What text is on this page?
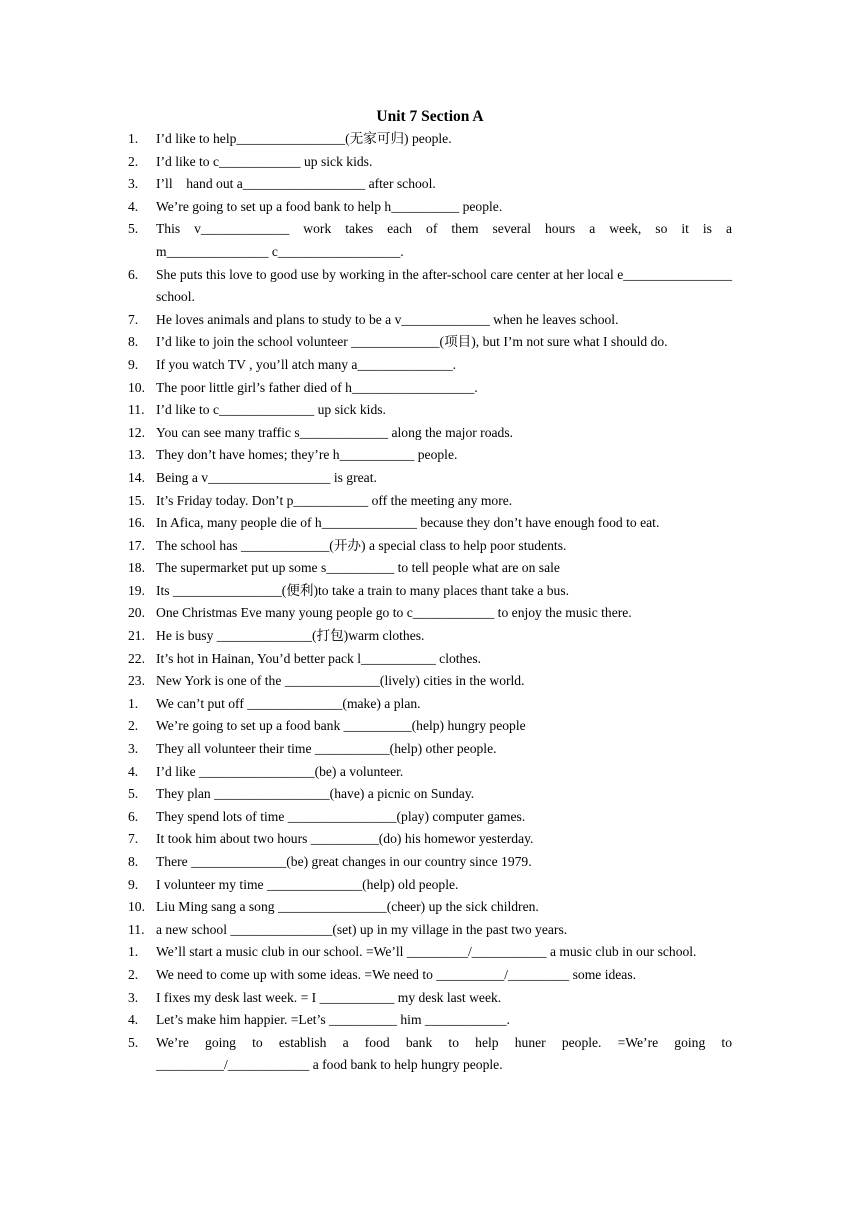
Unit 7 Section A
1.	I’d like to help________________(无家可归) people.
2.	I’d like to c____________ up sick kids.
3.	I’ll    hand out a__________________ after school.
4.	We’re going to set up a food bank to help h__________ people.
5.	This    v_____________    work    takes    each    of    them    several    hours    a    week,    so    it    is    a m_______________ c__________________.
6.	She puts this love to good use by working in the after-school care center at her local e________________ school.
7.	He loves animals and plans to study to be a v_____________ when he leaves school.
8.	I’d like to join the school volunteer _____________(项目), but I’m not sure what I should do.
9.	If you watch TV , you’ll atch many a______________.
10. The poor little girl’s father died of h__________________.
11. I’d like to c______________ up sick kids.
12. You can see many traffic s_____________ along the major roads.
13. They don’t have homes; they’re h___________ people.
14. Being a v__________________ is great.
15. It’s Friday today. Don’t p___________ off the meeting any more.
16. In Afica, many people die of h______________ because they don’t have enough food to eat.
17. The school has _____________(开办) a special class to help poor students.
18. The supermarket put up some s__________ to tell people what are on sale
19. Its ________________(便利)to take a train to many places thant take a bus.
20. One Christmas Eve many young people go to c____________ to enjoy the music there.
21. He is busy ______________(打包)warm clothes.
22. It’s hot in Hainan, You’d better pack l___________ clothes.
23. New York is one of the ______________(lively) cities in the world.
1.	We can’t put off ______________(make) a plan.
2.	We’re going to set up a food bank __________(help) hungry people
3.	They all volunteer their time ___________(help) other people.
4.	I’d like _________________(be) a volunteer.
5.	They plan _________________(have) a picnic on Sunday.
6.	They spend lots of time ________________(play) computer games.
7.	It took him about two hours __________(do) his homewor yesterday.
8.	There ______________(be) great changes in our country since 1979.
9.	I volunteer my time ______________(help) old people.
10. Liu Ming sang a song ________________(cheer) up the sick children.
11. a new school _______________(set) up in my village in the past two years.
1.	We’ll start a music club in our school. =We’ll _________/___________ a music club in our school.
2.	We need to come up with some ideas. =We need to __________/_________ some ideas.
3.	I fixes my desk last week. = I ___________ my desk last week.
4.	Let’s make him happier. =Let’s __________ him ____________.
5.	We’re    going    to    establish    a    food    bank    to    help    huner    people.    =We’re    going    to __________/____________ a food bank to help hungry people.
